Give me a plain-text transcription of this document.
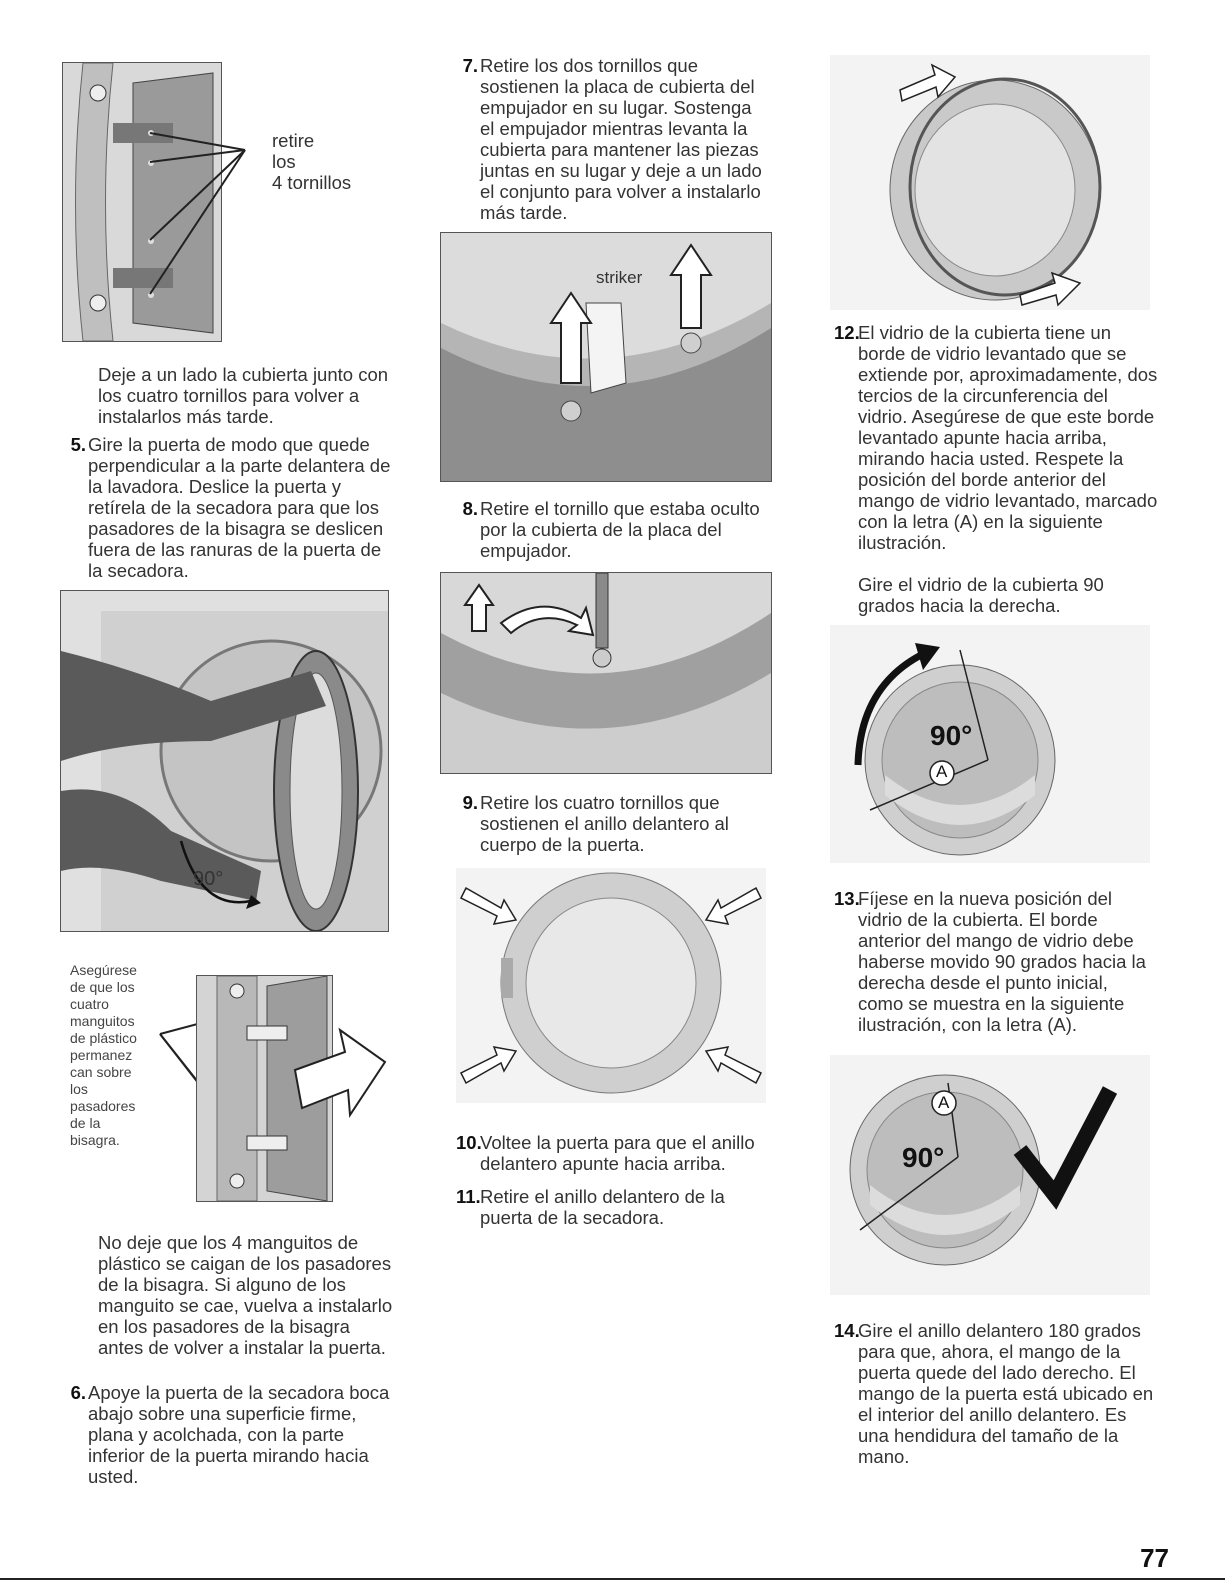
retire
los
4 tornillos
Deje a un lado la cubierta junto con los cuatro tornillos para volver a instalarlos más tarde.
5. Gire la puerta de modo que quede perpendicular a la parte delantera de la lavadora. Deslice la puerta y retírela de la secadora para que los pasadores de la bisagra se deslicen fuera de las ranuras de la puerta de la secadora.
90°
Asegúrese de que los cuatro manguitos de plástico permanez can sobre los pasadores de la bisagra.
No deje que los 4 manguitos de plástico se caigan de los pasadores de la bisagra. Si alguno de los manguito se cae, vuelva a instalarlo en los pasadores de la bisagra antes de volver a instalar la puerta.
6. Apoye la puerta de la secadora boca abajo sobre una superficie firme, plana y acolchada, con la parte inferior de la puerta mirando hacia usted.
7. Retire los dos tornillos que sostienen la placa de cubierta del empujador en su lugar. Sostenga el empujador mientras levanta la cubierta para mantener las piezas juntas en su lugar y deje a un lado el conjunto para volver a instalarlo más tarde.
striker
8. Retire el tornillo que estaba oculto por la cubierta de la placa del empujador.
9. Retire los cuatro tornillos que sostienen el anillo delantero al cuerpo de la puerta.
10.
Voltee la puerta para que el anillo delantero apunte hacia arriba.
11. Retire el anillo delantero de la puerta de la secadora.
12.
El vidrio de la cubierta tiene un borde de vidrio levantado que se extiende por, aproximadamente, dos tercios de la circunferencia del vidrio. Asegúrese de que este borde levantado apunte hacia arriba, mirando hacia usted. Respete la posición del borde anterior del mango de vidrio levantado, marcado con la letra (A) en la siguiente ilustración.
Gire el vidrio de la cubierta 90 grados hacia la derecha.
90°
A
13.
Fíjese en la nueva posición del vidrio de la cubierta. El borde anterior del mango de vidrio debe haberse movido 90 grados hacia la derecha desde el punto inicial, como se muestra en la siguiente ilustración, con la letra (A).
90°
A
14.
Gire el anillo delantero 180 grados para que, ahora, el mango de la puerta quede del lado derecho. El mango de la puerta está ubicado en el interior del anillo delantero. Es una hendidura del tamaño de la mano.
77
